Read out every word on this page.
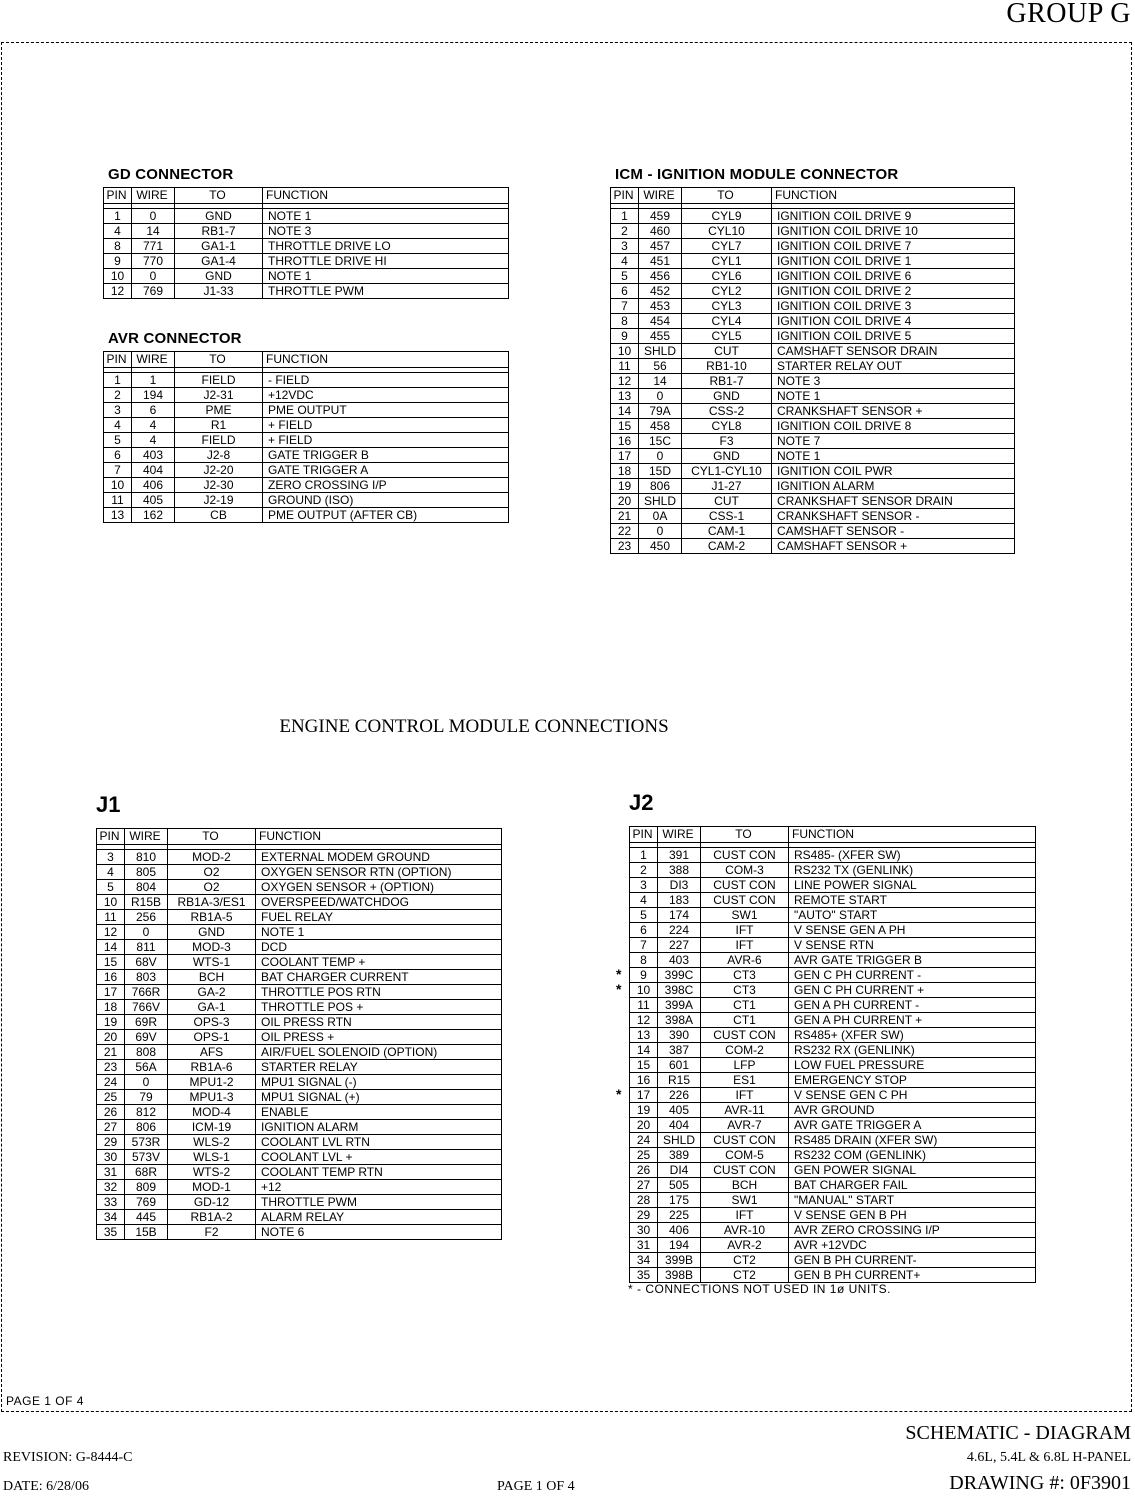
GROUP G
PAGE 1 OF 4
GD CONNECTOR
PIN	WIRE	TO	FUNCTION

1	0	GND	NOTE 1
4	14	RB1-7	NOTE 3
8	771	GA1-1	THROTTLE DRIVE LO
9	770	GA1-4	THROTTLE DRIVE HI
10	0	GND	NOTE 1
12	769	J1-33	THROTTLE PWM
AVR CONNECTOR
PIN	WIRE	TO	FUNCTION

1	1	FIELD	- FIELD
2	194	J2-31	+12VDC
3	6	PME	PME OUTPUT
4	4	R1	+ FIELD
5	4	FIELD	+ FIELD
6	403	J2-8	GATE TRIGGER B
7	404	J2-20	GATE TRIGGER A
10	406	J2-30	ZERO CROSSING I/P
11	405	J2-19	GROUND (ISO)
13	162	CB	PME OUTPUT (AFTER CB)
ICM - IGNITION MODULE CONNECTOR
PIN	WIRE	TO	FUNCTION

1	459	CYL9	IGNITION COIL DRIVE 9
2	460	CYL10	IGNITION COIL DRIVE 10
3	457	CYL7	IGNITION COIL DRIVE 7
4	451	CYL1	IGNITION COIL DRIVE 1
5	456	CYL6	IGNITION COIL DRIVE 6
6	452	CYL2	IGNITION COIL DRIVE 2
7	453	CYL3	IGNITION COIL DRIVE 3
8	454	CYL4	IGNITION COIL DRIVE 4
9	455	CYL5	IGNITION COIL DRIVE 5
10	SHLD	CUT	CAMSHAFT SENSOR DRAIN
11	56	RB1-10	STARTER RELAY OUT
12	14	RB1-7	NOTE 3
13	0	GND	NOTE 1
14	79A	CSS-2	CRANKSHAFT SENSOR +
15	458	CYL8	IGNITION COIL DRIVE 8
16	15C	F3	NOTE 7
17	0	GND	NOTE 1
18	15D	CYL1-CYL10	IGNITION COIL PWR
19	806	J1-27	IGNITION ALARM
20	SHLD	CUT	CRANKSHAFT SENSOR DRAIN
21	0A	CSS-1	CRANKSHAFT SENSOR -
22	0	CAM-1	CAMSHAFT SENSOR -
23	450	CAM-2	CAMSHAFT SENSOR +
ENGINE CONTROL MODULE CONNECTIONS
J1
PIN	WIRE	TO	FUNCTION

3	810	MOD-2	EXTERNAL MODEM GROUND
4	805	O2	OXYGEN SENSOR RTN (OPTION)
5	804	O2	OXYGEN SENSOR + (OPTION)
10	R15B	RB1A-3/ES1	OVERSPEED/WATCHDOG
11	256	RB1A-5	FUEL RELAY
12	0	GND	NOTE 1
14	811	MOD-3	DCD
15	68V	WTS-1	COOLANT TEMP +
16	803	BCH	BAT CHARGER CURRENT
17	766R	GA-2	THROTTLE POS RTN
18	766V	GA-1	THROTTLE POS +
19	69R	OPS-3	OIL PRESS RTN
20	69V	OPS-1	OIL PRESS +
21	808	AFS	AIR/FUEL SOLENOID (OPTION)
23	56A	RB1A-6	STARTER RELAY
24	0	MPU1-2	MPU1 SIGNAL (-)
25	79	MPU1-3	MPU1 SIGNAL (+)
26	812	MOD-4	ENABLE
27	806	ICM-19	IGNITION ALARM
29	573R	WLS-2	COOLANT LVL RTN
30	573V	WLS-1	COOLANT LVL +
31	68R	WTS-2	COOLANT TEMP RTN
32	809	MOD-1	+12
33	769	GD-12	THROTTLE PWM
34	445	RB1A-2	ALARM RELAY
35	15B	F2	NOTE 6
J2
PIN	WIRE	TO	FUNCTION

1	391	CUST CON	RS485- (XFER SW)
2	388	COM-3	RS232 TX (GENLINK)
3	DI3	CUST CON	LINE POWER SIGNAL
4	183	CUST CON	REMOTE START
5	174	SW1	"AUTO" START
6	224	IFT	V SENSE GEN A PH
7	227	IFT	V SENSE RTN
8	403	AVR-6	AVR GATE TRIGGER B
9	399C	CT3	GEN C PH CURRENT -
10	398C	CT3	GEN C PH CURRENT +
11	399A	CT1	GEN A PH CURRENT -
12	398A	CT1	GEN A PH CURRENT +
13	390	CUST CON	RS485+ (XFER SW)
14	387	COM-2	RS232 RX (GENLINK)
15	601	LFP	LOW FUEL PRESSURE
16	R15	ES1	EMERGENCY STOP
17	226	IFT	V SENSE GEN C PH
19	405	AVR-11	AVR GROUND
20	404	AVR-7	AVR GATE TRIGGER A
24	SHLD	CUST CON	RS485 DRAIN (XFER SW)
25	389	COM-5	RS232 COM (GENLINK)
26	DI4	CUST CON	GEN POWER SIGNAL
27	505	BCH	BAT CHARGER FAIL
28	175	SW1	"MANUAL" START
29	225	IFT	V SENSE GEN B PH
30	406	AVR-10	AVR ZERO CROSSING I/P
31	194	AVR-2	AVR +12VDC
34	399B	CT2	GEN B PH CURRENT-
35	398B	CT2	GEN B PH CURRENT+
* - CONNECTIONS NOT USED IN 1ø UNITS.
SCHEMATIC - DIAGRAM
REVISION: G-8444-C	4.6L, 5.4L & 6.8L H-PANEL
DATE: 6/28/06	PAGE 1 OF 4	DRAWING #: 0F3901
*
*
*
